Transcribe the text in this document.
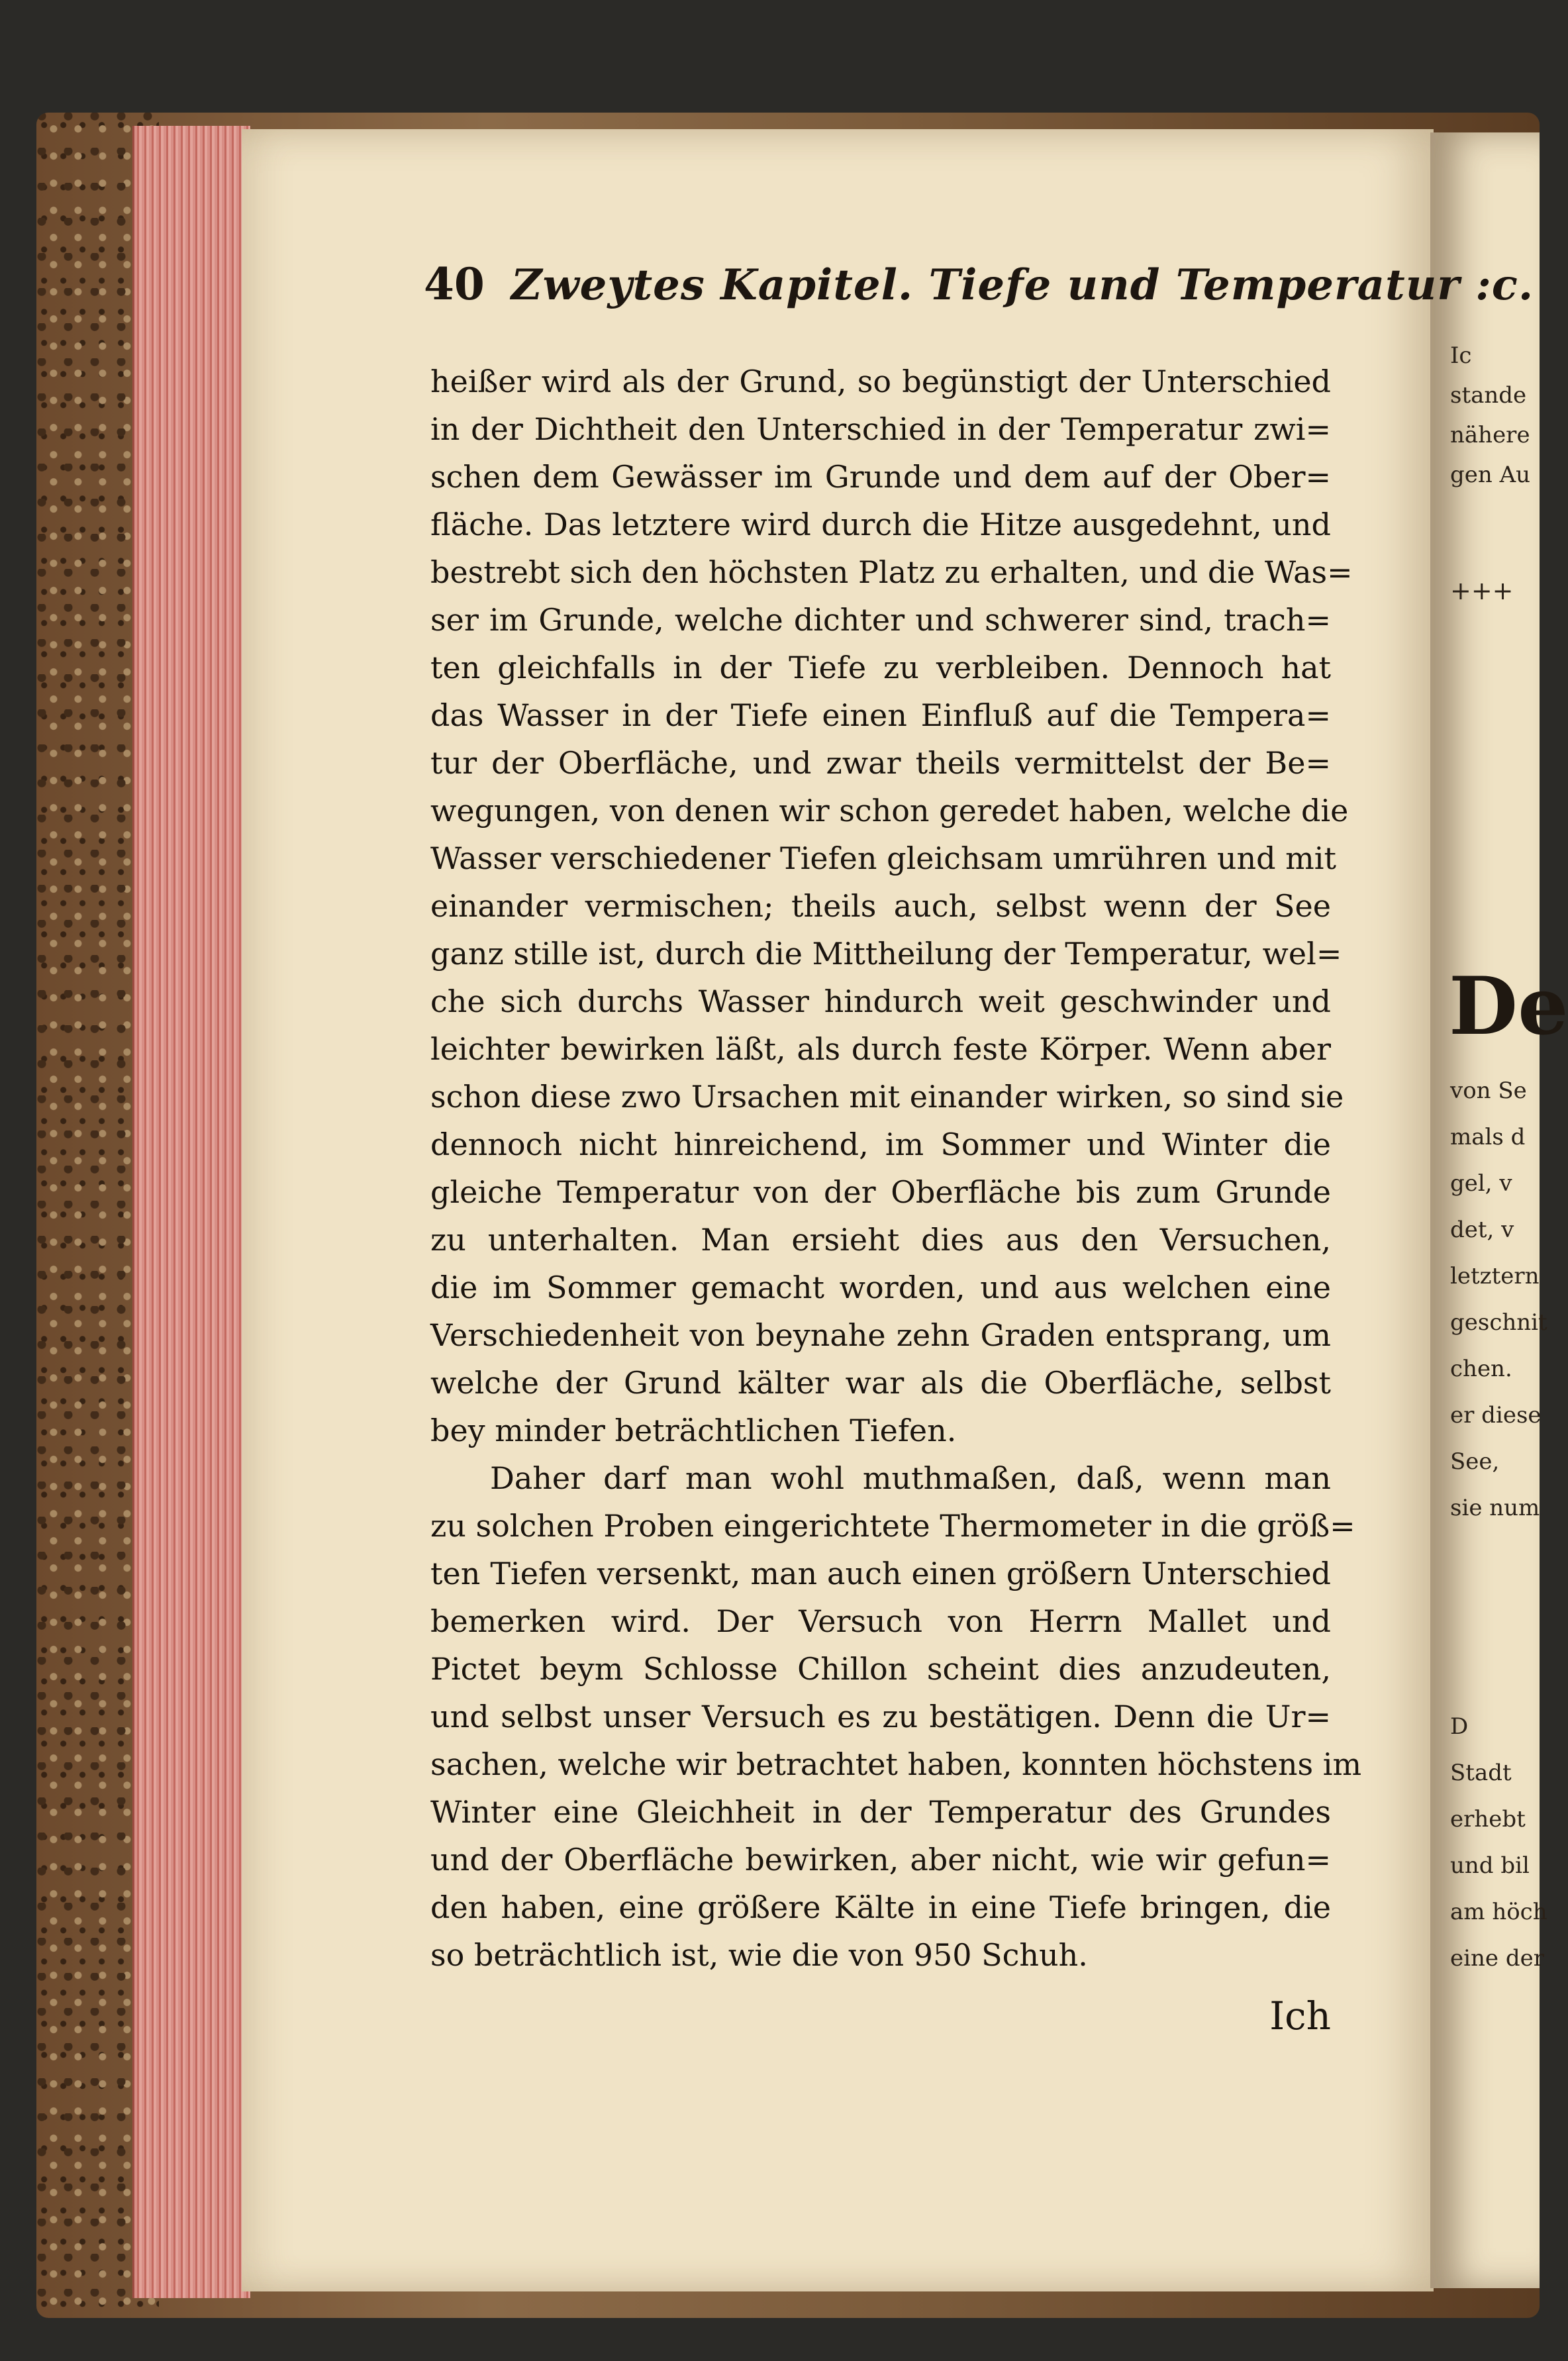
Ic
stande
nähere
gen Au
+++
De
von Se
mals d
gel, v
det, v
letztern
geschnit
chen.
er diese
See,
sie num
D
Stadt
erhebt
und bil
am höch
eine der
40 Zweytes Kapitel. Tiefe und Temperatur :c.
heißer wird als der Grund, so begünstigt der Unterschied
in der Dichtheit den Unterschied in der Temperatur zwi=
schen dem Gewässer im Grunde und dem auf der Ober=
fläche. Das letztere wird durch die Hitze ausgedehnt, und
bestrebt sich den höchsten Platz zu erhalten, und die Was=
ser im Grunde, welche dichter und schwerer sind, trach=
ten gleichfalls in der Tiefe zu verbleiben. Dennoch hat
das Wasser in der Tiefe einen Einfluß auf die Tempera=
tur der Oberfläche, und zwar theils vermittelst der Be=
wegungen, von denen wir schon geredet haben, welche die
Wasser verschiedener Tiefen gleichsam umrühren und mit
einander vermischen; theils auch, selbst wenn der See
ganz stille ist, durch die Mittheilung der Temperatur, wel=
che sich durchs Wasser hindurch weit geschwinder und
leichter bewirken läßt, als durch feste Körper. Wenn aber
schon diese zwo Ursachen mit einander wirken, so sind sie
dennoch nicht hinreichend, im Sommer und Winter die
gleiche Temperatur von der Oberfläche bis zum Grunde
zu unterhalten. Man ersieht dies aus den Versuchen,
die im Sommer gemacht worden, und aus welchen eine
Verschiedenheit von beynahe zehn Graden entsprang, um
welche der Grund kälter war als die Oberfläche, selbst
bey minder beträchtlichen Tiefen.
Daher darf man wohl muthmaßen, daß, wenn man
zu solchen Proben eingerichtete Thermometer in die größ=
ten Tiefen versenkt, man auch einen größern Unterschied
bemerken wird. Der Versuch von Herrn Mallet und
Pictet beym Schlosse Chillon scheint dies anzudeuten,
und selbst unser Versuch es zu bestätigen. Denn die Ur=
sachen, welche wir betrachtet haben, konnten höchstens im
Winter eine Gleichheit in der Temperatur des Grundes
und der Oberfläche bewirken, aber nicht, wie wir gefun=
den haben, eine größere Kälte in eine Tiefe bringen, die
so beträchtlich ist, wie die von 950 Schuh.
Ich
